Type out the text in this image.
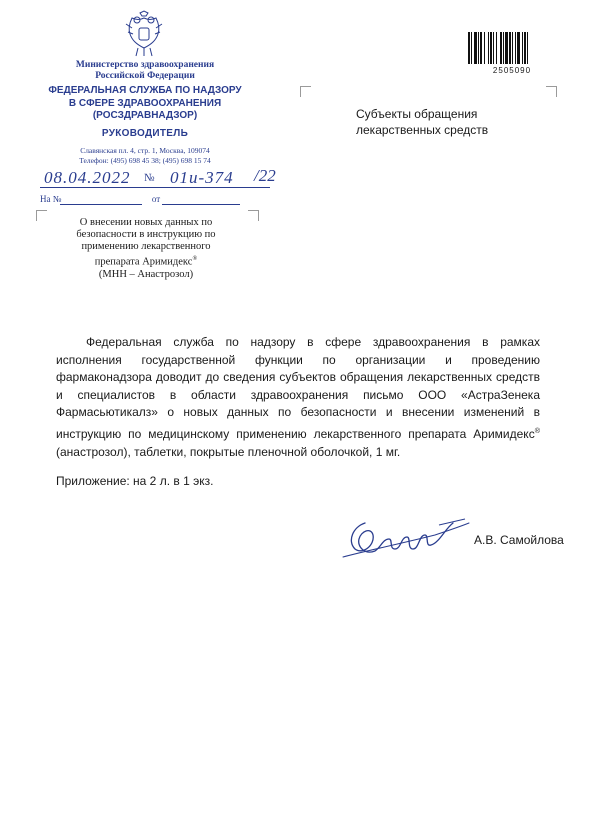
Министерство здравоохранения
Российской Федерации
ФЕДЕРАЛЬНАЯ СЛУЖБА ПО НАДЗОРУ
В СФЕРЕ ЗДРАВООХРАНЕНИЯ
(РОСЗДРАВНАДЗОР)
РУКОВОДИТЕЛЬ
Славянская пл. 4, стр. 1, Москва, 109074
Телефон: (495) 698 45 38; (495) 698 15 74
08.04.2022 № 01и-374 /22
На №	от
О внесении новых данных по
безопасности в инструкцию по
применению лекарственного
препарата Аримидекс®
(МНН – Анастрозол)
2505090
Субъекты обращения
лекарственных средств
Федеральная служба по надзору в сфере здравоохранения в рамках исполнения государственной функции по организации и проведению фармаконадзора доводит до сведения субъектов обращения лекарственных средств и специалистов в области здравоохранения письмо ООО «АстраЗенека Фармасьютикалз» о новых данных по безопасности и внесении изменений в инструкцию по медицинскому применению лекарственного препарата Аримидекс® (анастрозол), таблетки, покрытые пленочной оболочкой, 1 мг.
Приложение: на 2 л. в 1 экз.
А.В. Самойлова
